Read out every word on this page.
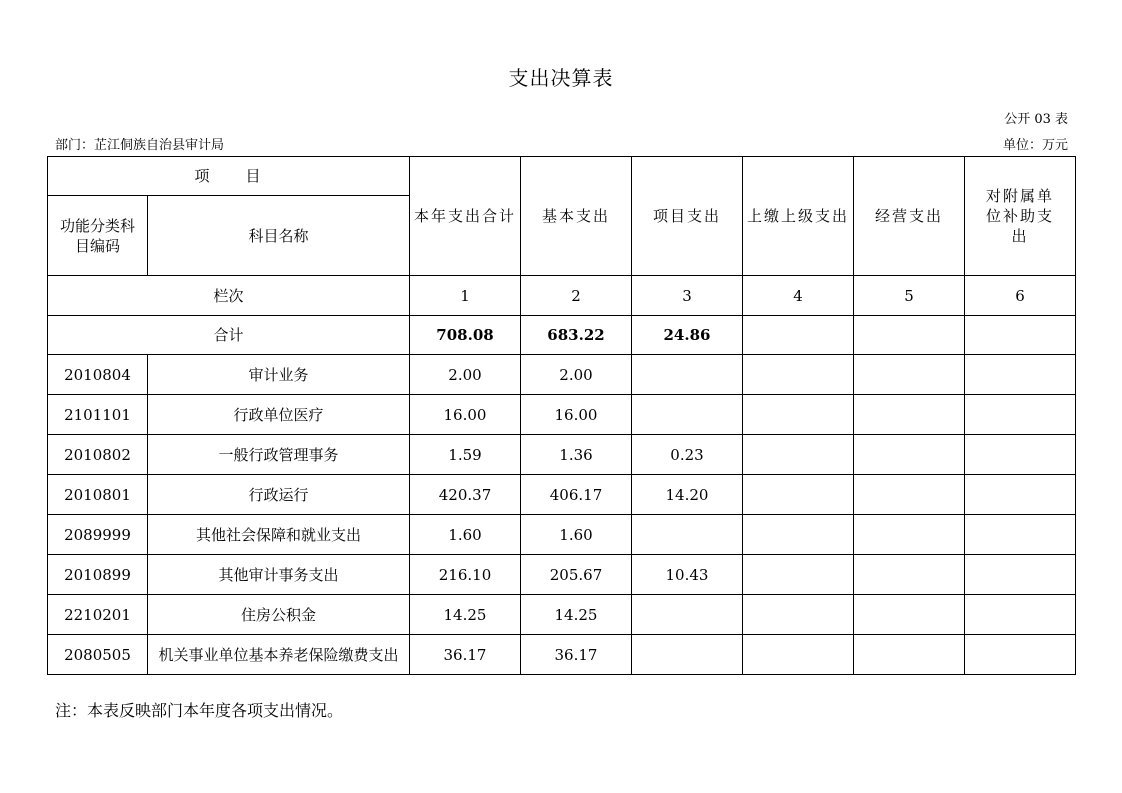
支出决算表
公开 03 表
部门：芷江侗族自治县审计局	单位：万元
项　　目		本年支出合计	基本支出	项目支出	上缴上级支出	经营支出	对附属单位补助支出
功能分类科目编码	科目名称						
栏次		1	2	3	4	5	6
合计		708.08	683.22	24.86			
2010804	审计业务	2.00	2.00				
2101101	行政单位医疗	16.00	16.00				
2010802	一般行政管理事务	1.59	1.36	0.23			
2010801	行政运行	420.37	406.17	14.20			
2089999	其他社会保障和就业支出	1.60	1.60				
2010899	其他审计事务支出	216.10	205.67	10.43			
2210201	住房公积金	14.25	14.25				
2080505	机关事业单位基本养老保险缴费支出	36.17	36.17				
注：本表反映部门本年度各项支出情况。
